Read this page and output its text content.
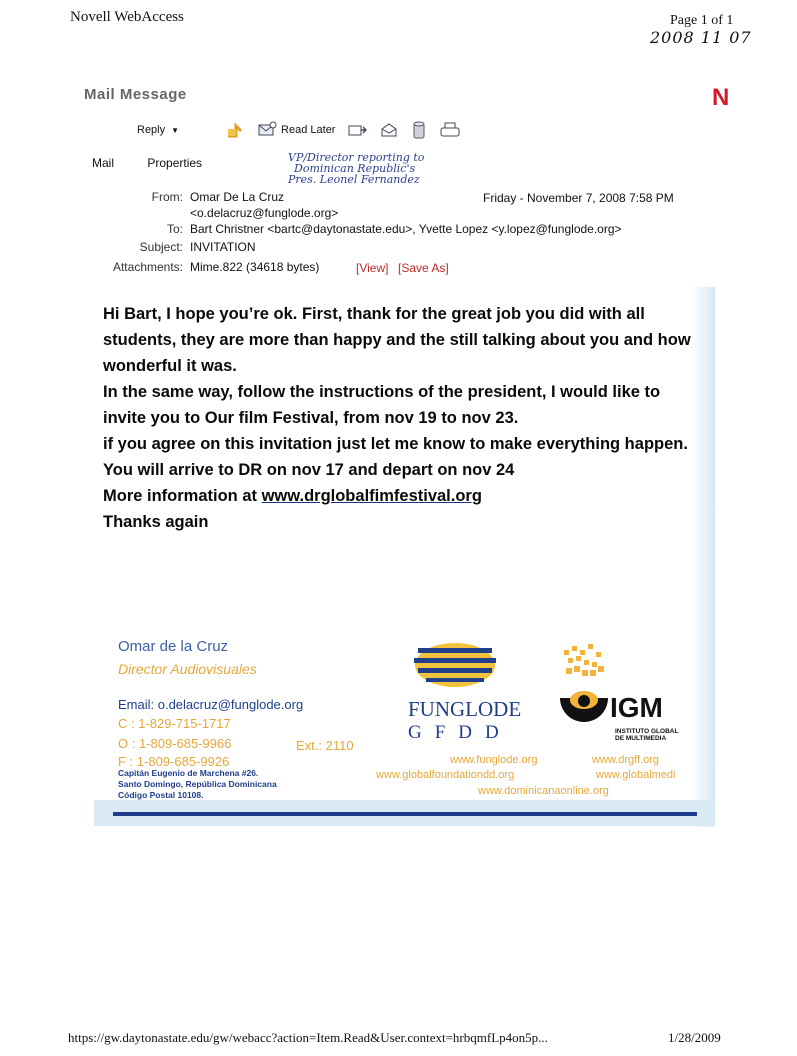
Novell WebAccess	Page 1 of 1
2008 11 07
Mail Message	N
Reply ▼	Read Later
Mail	Properties	VP/Director reporting to
Dominican Republic's
Pres. Leonel Fernandez
From: Omar De La Cruz	Friday - November 7, 2008 7:58 PM
<o.delacruz@funglode.org>
To: Bart Christner <bartc@daytonastate.edu>, Yvette Lopez <y.lopez@funglode.org>
Subject: INVITATION
Attachments: Mime.822 (34618 bytes)	[View] [Save As]

Hi Bart, I hope you’re ok. First, thank for the great job you did with all students, they are more than happy and the still talking about you and how wonderful it was.

In the same way, follow the instructions of the president, I would like to invite you to Our film Festival, from nov 19 to nov 23.

if you agree on this invitation just let me know to make everything happen.

You will arrive to DR on nov 17 and depart on nov 24

More information at www.drglobalfimfestival.org

Thanks again

Omar de la Cruz
Director Audiovisuales
Email: o.delacruz@funglode.org
C : 1-829-715-1717
O : 1-809-685-9966	Ext.: 2110
F : 1-809-685-9926
Capitán Eugenio de Marchena #26.
Santo Domingo, República Dominicana
Código Postal 10108.
FUNGLODE
GFDD
IGM
INSTITUTO GLOBAL
DE MULTIMEDIA
www.funglode.org	www.drgff.org
www.globalfoundationdd.org	www.globalmedi
www.dominicanaonline.org
https://gw.daytonastate.edu/gw/webacc?action=Item.Read&User.context=hrbqmfLp4on5p...	1/28/2009
